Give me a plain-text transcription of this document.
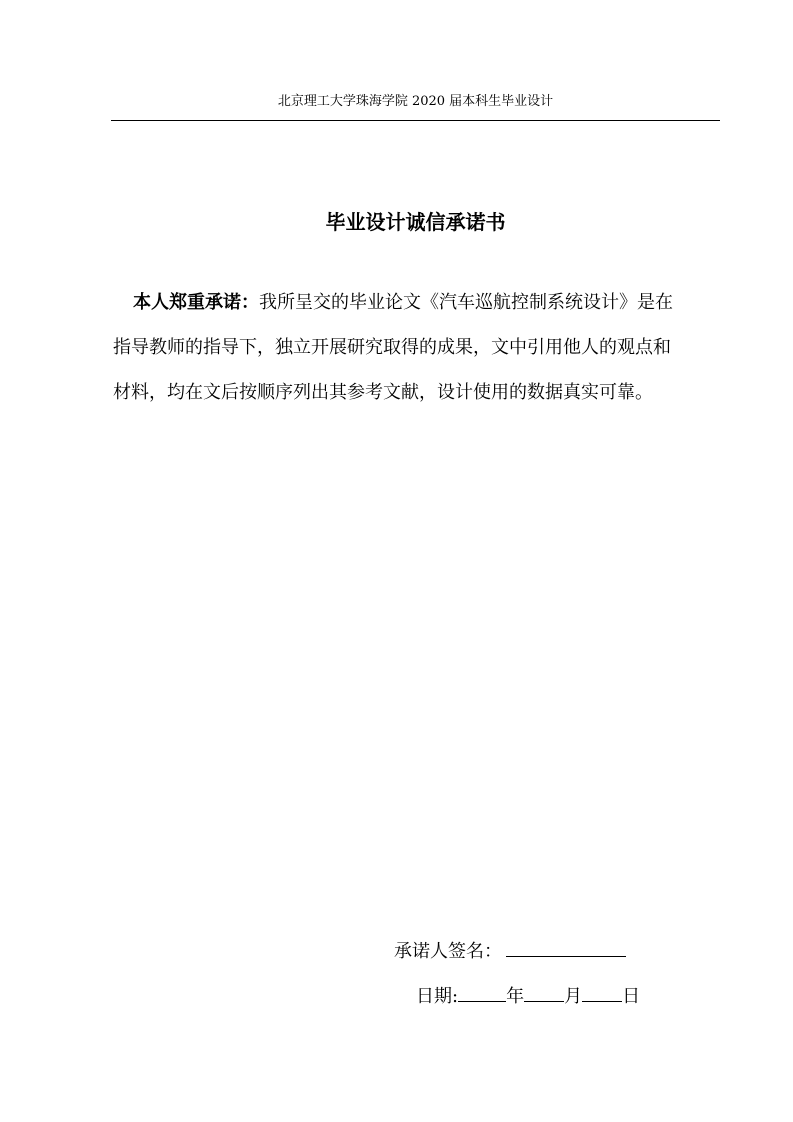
北京理工大学珠海学院 2020 届本科生毕业设计
毕业设计诚信承诺书
本人郑重承诺：我所呈交的毕业论文《汽车巡航控制系统设计》是在指导教师的指导下，独立开展研究取得的成果，文中引用他人的观点和材料，均在文后按顺序列出其参考文献，设计使用的数据真实可靠。
承诺人签名：
日期:	年 月 日
